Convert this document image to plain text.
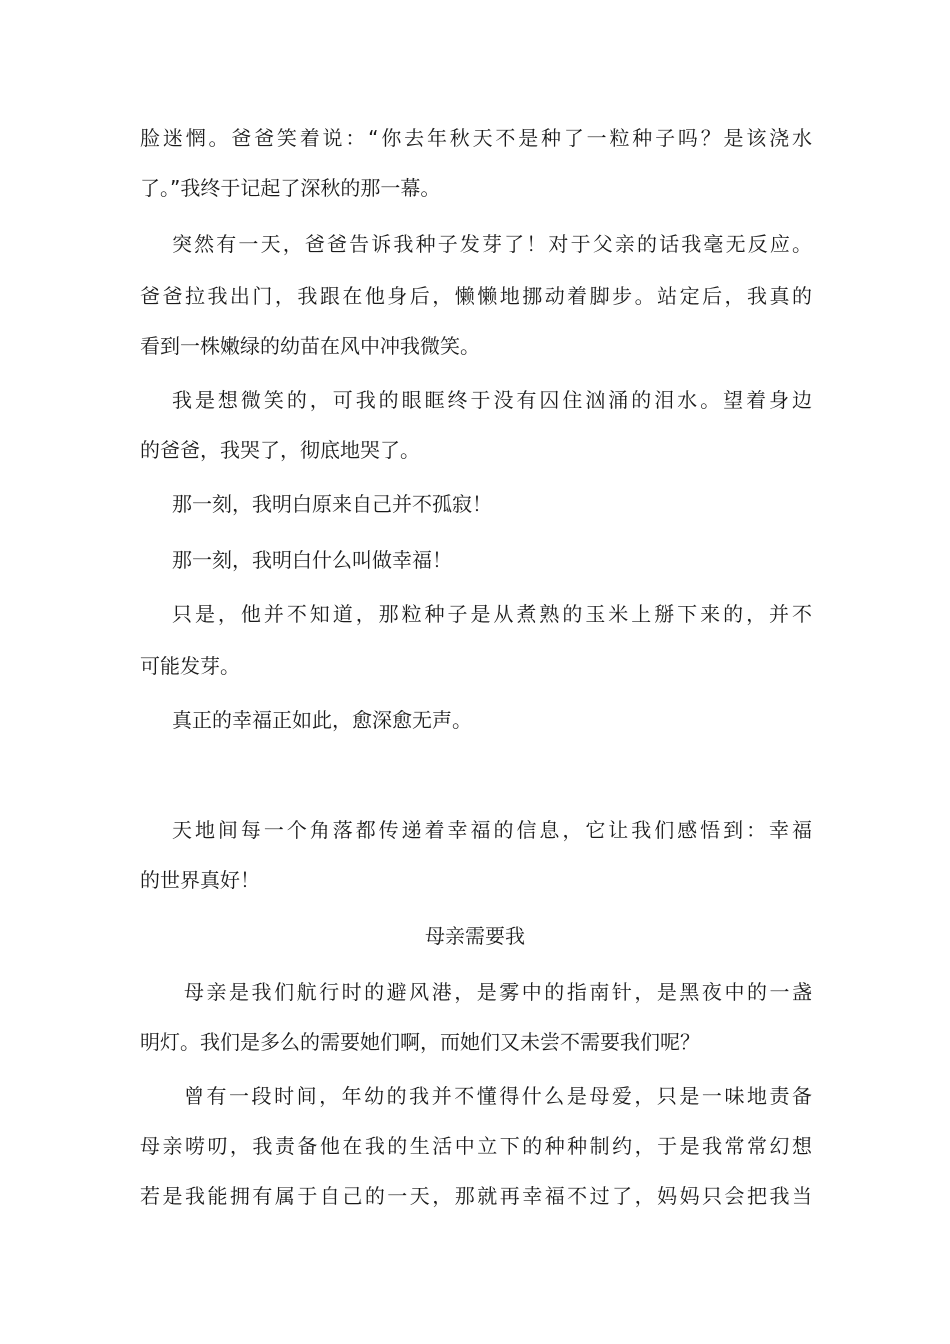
脸迷惘。爸爸笑着说：“你去年秋天不是种了一粒种子吗？是该浇水
了。”我终于记起了深秋的那一幕。
突然有一天，爸爸告诉我种子发芽了！对于父亲的话我毫无反应。
爸爸拉我出门，我跟在他身后，懒懒地挪动着脚步。站定后，我真的
看到一株嫩绿的幼苗在风中冲我微笑。
我是想微笑的，可我的眼眶终于没有囚住汹涌的泪水。望着身边
的爸爸，我哭了，彻底地哭了。
那一刻，我明白原来自己并不孤寂！
那一刻，我明白什么叫做幸福！
只是，他并不知道，那粒种子是从煮熟的玉米上掰下来的，并不
可能发芽。
真正的幸福正如此，愈深愈无声。
天地间每一个角落都传递着幸福的信息，它让我们感悟到：幸福
的世界真好！
母亲需要我
母亲是我们航行时的避风港，是雾中的指南针，是黑夜中的一盏
明灯。我们是多么的需要她们啊，而她们又未尝不需要我们呢？
曾有一段时间，年幼的我并不懂得什么是母爱，只是一味地责备
母亲唠叨，我责备他在我的生活中立下的种种制约，于是我常常幻想
若是我能拥有属于自己的一天，那就再幸福不过了，妈妈只会把我当
